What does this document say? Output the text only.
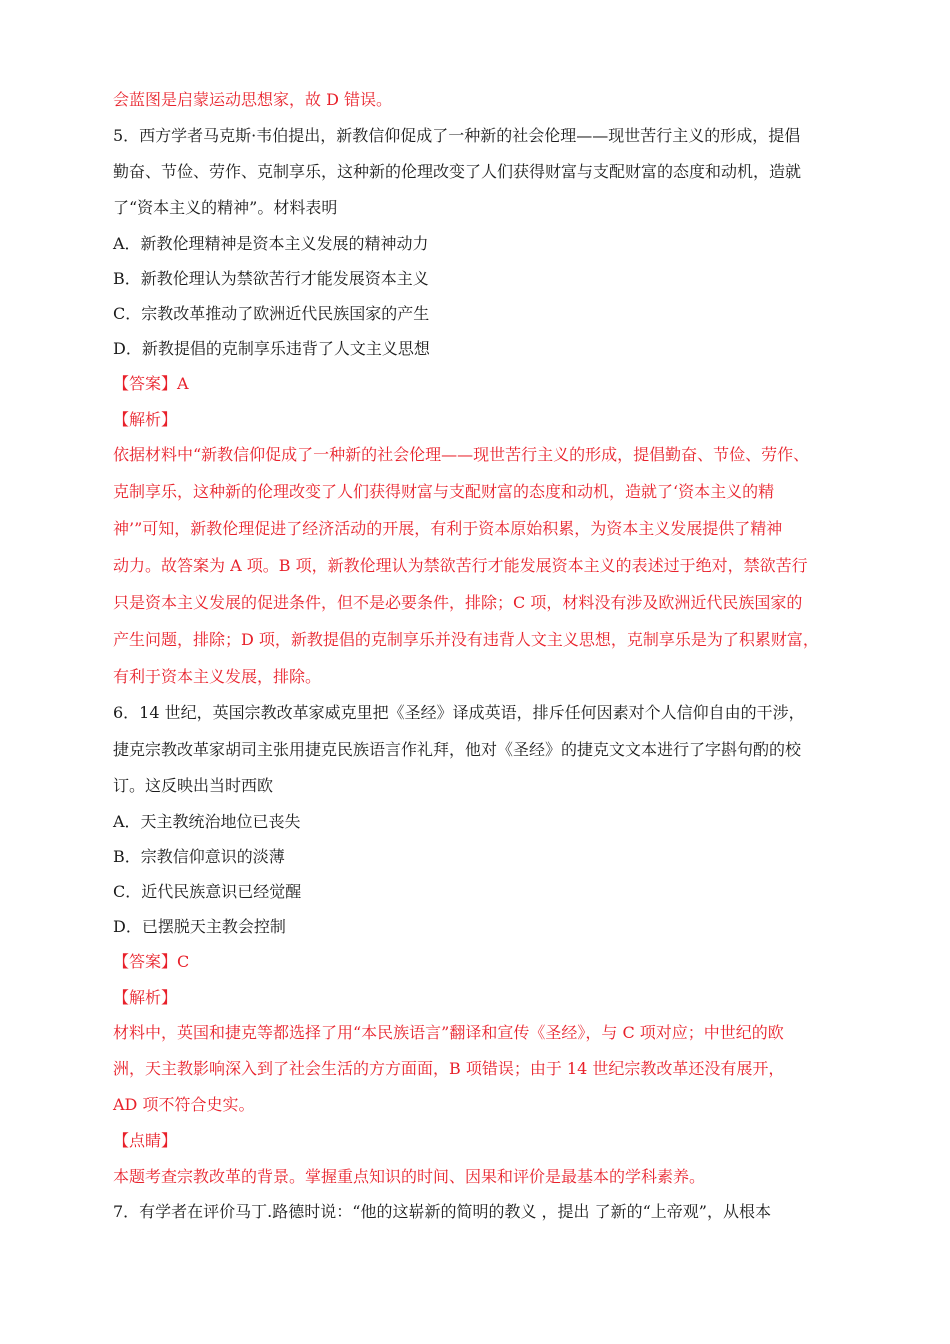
会蓝图是启蒙运动思想家，故 D 错误。
5．西方学者马克斯·韦伯提出，新教信仰促成了一种新的社会伦理——现世苦行主义的形成，提倡
勤奋、节俭、劳作、克制享乐，这种新的伦理改变了人们获得财富与支配财富的态度和动机，造就
了“资本主义的精神”。材料表明
A．新教伦理精神是资本主义发展的精神动力
B．新教伦理认为禁欲苦行才能发展资本主义
C．宗教改革推动了欧洲近代民族国家的产生
D．新教提倡的克制享乐违背了人文主义思想
【答案】A
【解析】
依据材料中“新教信仰促成了一种新的社会伦理——现世苦行主义的形成，提倡勤奋、节俭、劳作、
克制享乐，这种新的伦理改变了人们获得财富与支配财富的态度和动机，造就了‘资本主义的精
神’”可知，新教伦理促进了经济活动的开展，有利于资本原始积累，为资本主义发展提供了精神
动力。故答案为 A 项。B 项，新教伦理认为禁欲苦行才能发展资本主义的表述过于绝对，禁欲苦行
只是资本主义发展的促进条件，但不是必要条件，排除；C 项，材料没有涉及欧洲近代民族国家的
产生问题，排除；D 项，新教提倡的克制享乐并没有违背人文主义思想，克制享乐是为了积累财富，
有利于资本主义发展，排除。
6．14 世纪，英国宗教改革家威克里把《圣经》译成英语，排斥任何因素对个人信仰自由的干涉，
捷克宗教改革家胡司主张用捷克民族语言作礼拜，他对《圣经》的捷克文文本进行了字斟句酌的校
订。这反映出当时西欧
A．天主教统治地位已丧失
B．宗教信仰意识的淡薄
C．近代民族意识已经觉醒
D．已摆脱天主教会控制
【答案】C
【解析】
材料中，英国和捷克等都选择了用“本民族语言”翻译和宣传《圣经》，与 C 项对应；中世纪的欧
洲，天主教影响深入到了社会生活的方方面面，B 项错误；由于 14 世纪宗教改革还没有展开，
AD 项不符合史实。
【点睛】
本题考查宗教改革的背景。掌握重点知识的时间、因果和评价是最基本的学科素养。
7．有学者在评价马丁.路德时说：“他的这崭新的简明的教义 ，提出 了新的“上帝观”，从根本
